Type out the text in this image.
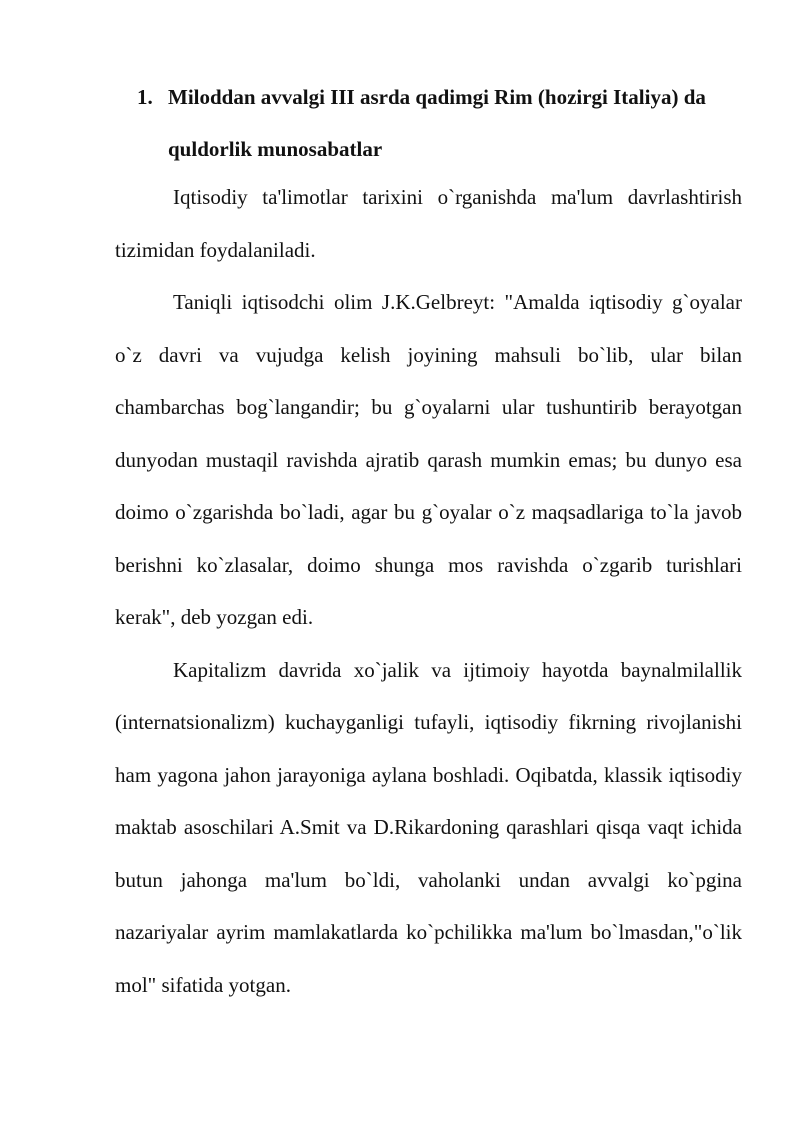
1. Miloddan avvalgi III asrda qadimgi Rim (hozirgi Italiya) da quldorlik munosabatlar

Iqtisodiy ta'limotlar tarixini o`rganishda ma'lum davrlashtirish tizimidan foydalaniladi.

Taniqli iqtisodchi olim J.K.Gelbreyt: "Amalda iqtisodiy g`oyalar o`z davri va vujudga kelish joyining mahsuli bo`lib, ular bilan chambarchas bog`langandir; bu g`oyalarni ular tushuntirib berayotgan dunyodan mustaqil ravishda ajratib qarash mumkin emas; bu dunyo esa doimo o`zgarishda bo`ladi, agar bu g`oyalar o`z maqsadlariga to`la javob berishni ko`zlasalar, doimo shunga mos ravishda o`zgarib turishlari kerak", deb yozgan edi.

Kapitalizm davrida xo`jalik va ijtimoiy hayotda baynalmilallik (internatsionalizm) kuchayganligi tufayli, iqtisodiy fikrning rivojlanishi ham yagona jahon jarayoniga aylana boshladi. Oqibatda, klassik iqtisodiy maktab asoschilari A.Smit va D.Rikardoning qarashlari qisqa vaqt ichida butun jahonga ma'lum bo`ldi, vaholanki undan avvalgi ko`pgina nazariyalar ayrim mamlakatlarda ko`pchilikka ma'lum bo`lmasdan,"o`lik mol" sifatida yotgan.
